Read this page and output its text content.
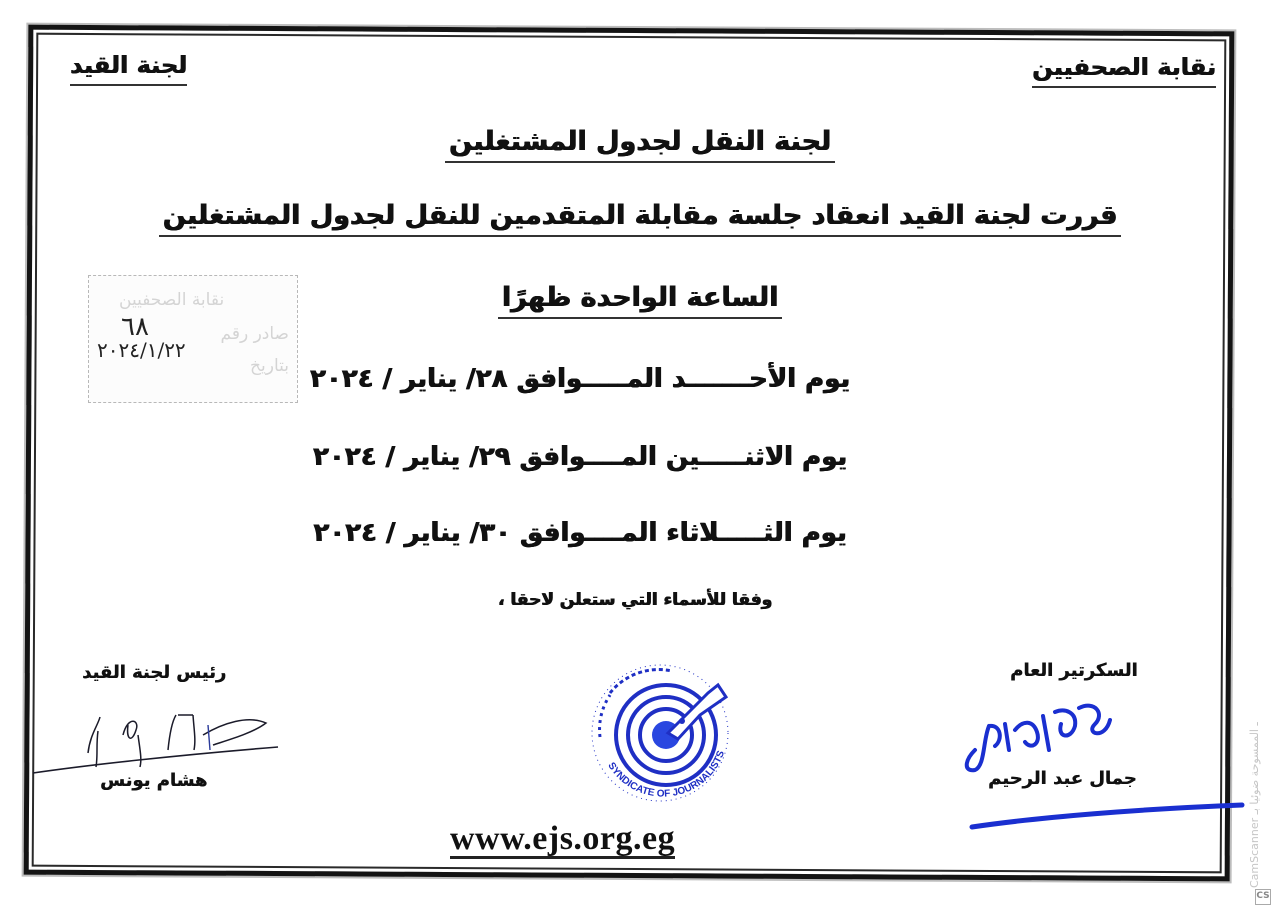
لجنة القيد	نقابة الصحفيين
لجنة النقل لجدول المشتغلين
قررت لجنة القيد انعقاد جلسة مقابلة المتقدمين للنقل لجدول المشتغلين
الساعة الواحدة ظهرًا
يوم الأحـــــــد المـــــوافق ٢٨/ يناير / ٢٠٢٤
يوم الاثنـــــين المــــوافق ٢٩/ يناير / ٢٠٢٤
يوم الثـــــلاثاء المــــوافق ٣٠/ يناير / ٢٠٢٤
وفقا للأسماء التي ستعلن لاحقا ،
نقابة الصحفيين
صادر رقم
بتاريخ
٦٨
٢٠٢٤/١/٢٢
رئيس لجنة القيد
هشام يونس
SYNDICATE OF JOURNALISTS
السكرتير العام
جمال عبد الرحيم
www.ejs.org.eg	CamScanner ـ الممسوحة ضوئيا بـ
CS
